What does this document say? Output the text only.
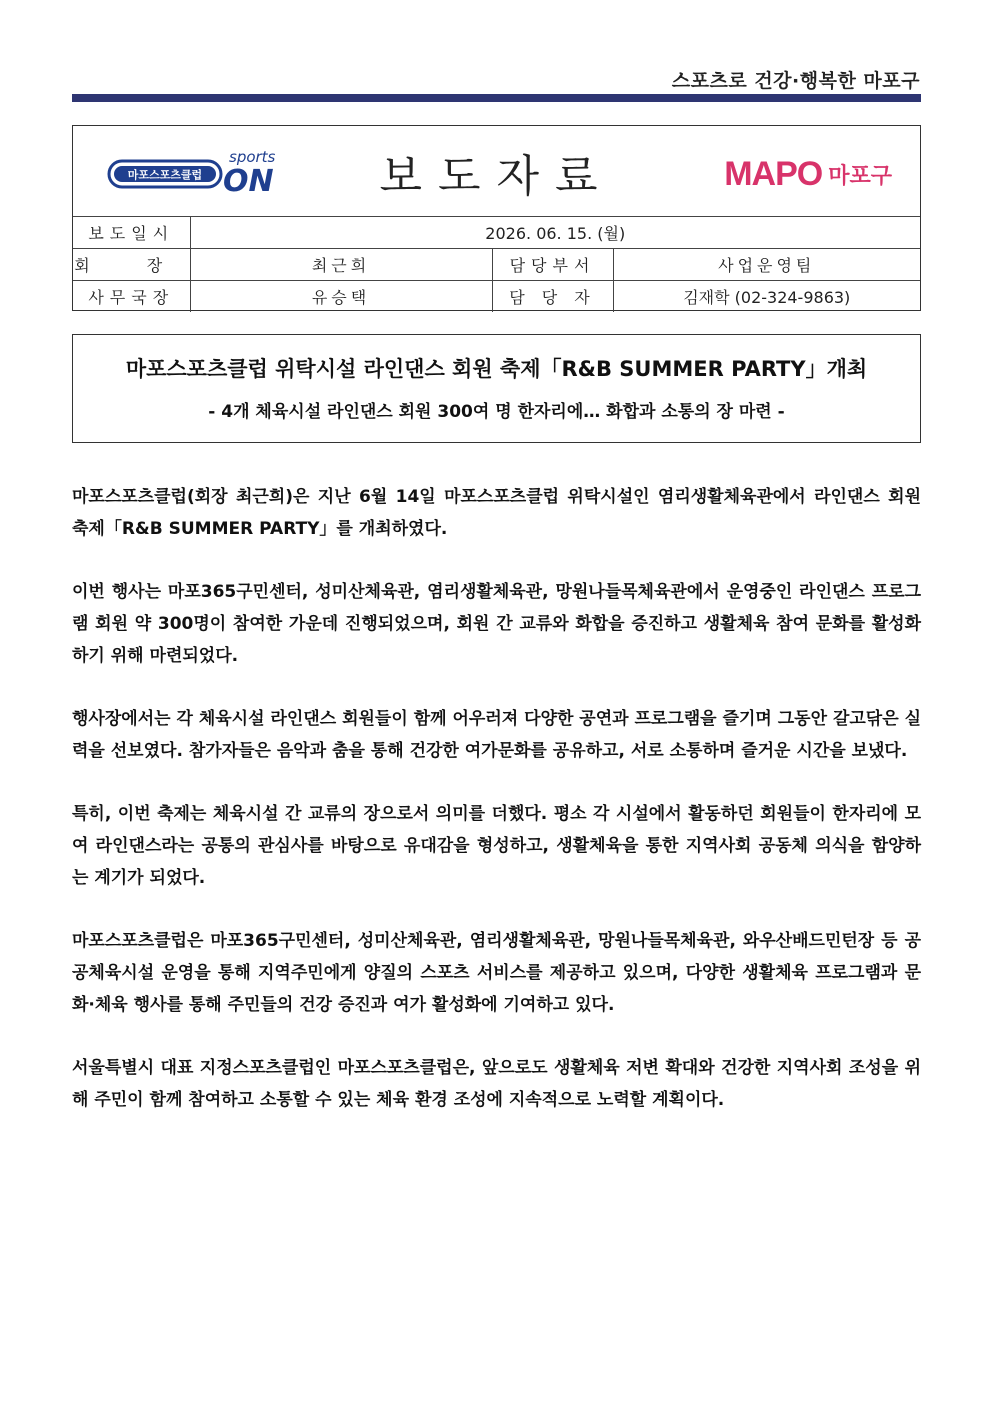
스포츠로 건강·행복한 마포구
마포스포츠클럽
sports
ON	보도자료	MAPO 마포구
보도일시	2026. 06. 15. (월)		
회 장	최근희	담당부서	사업운영팀
사무국장	유승택	담 당 자	김재학 (02-324-9863)
마포스포츠클럽 위탁시설 라인댄스 회원 축제「R&B SUMMER PARTY」개최
- 4개 체육시설 라인댄스 회원 300여 명 한자리에… 화합과 소통의 장 마련 -

마포스포츠클럽(회장 최근희)은 지난 6월 14일 마포스포츠클럽 위탁시설인 염리생활체육관에서 라인댄스 회원 축제「R&B SUMMER PARTY」를 개최하였다.

이번 행사는 마포365구민센터, 성미산체육관, 염리생활체육관, 망원나들목체육관에서 운영중인 라인댄스 프로그램 회원 약 300명이 참여한 가운데 진행되었으며, 회원 간 교류와 화합을 증진하고 생활체육 참여 문화를 활성화하기 위해 마련되었다.

행사장에서는 각 체육시설 라인댄스 회원들이 함께 어우러져 다양한 공연과 프로그램을 즐기며 그동안 갈고닦은 실력을 선보였다. 참가자들은 음악과 춤을 통해 건강한 여가문화를 공유하고, 서로 소통하며 즐거운 시간을 보냈다.

특히, 이번 축제는 체육시설 간 교류의 장으로서 의미를 더했다. 평소 각 시설에서 활동하던 회원들이 한자리에 모여 라인댄스라는 공통의 관심사를 바탕으로 유대감을 형성하고, 생활체육을 통한 지역사회 공동체 의식을 함양하는 계기가 되었다.

마포스포츠클럽은 마포365구민센터, 성미산체육관, 염리생활체육관, 망원나들목체육관, 와우산배드민턴장 등 공공체육시설 운영을 통해 지역주민에게 양질의 스포츠 서비스를 제공하고 있으며, 다양한 생활체육 프로그램과 문화·체육 행사를 통해 주민들의 건강 증진과 여가 활성화에 기여하고 있다.

서울특별시 대표 지정스포츠클럽인 마포스포츠클럽은, 앞으로도 생활체육 저변 확대와 건강한 지역사회 조성을 위해 주민이 함께 참여하고 소통할 수 있는 체육 환경 조성에 지속적으로 노력할 계획이다.
